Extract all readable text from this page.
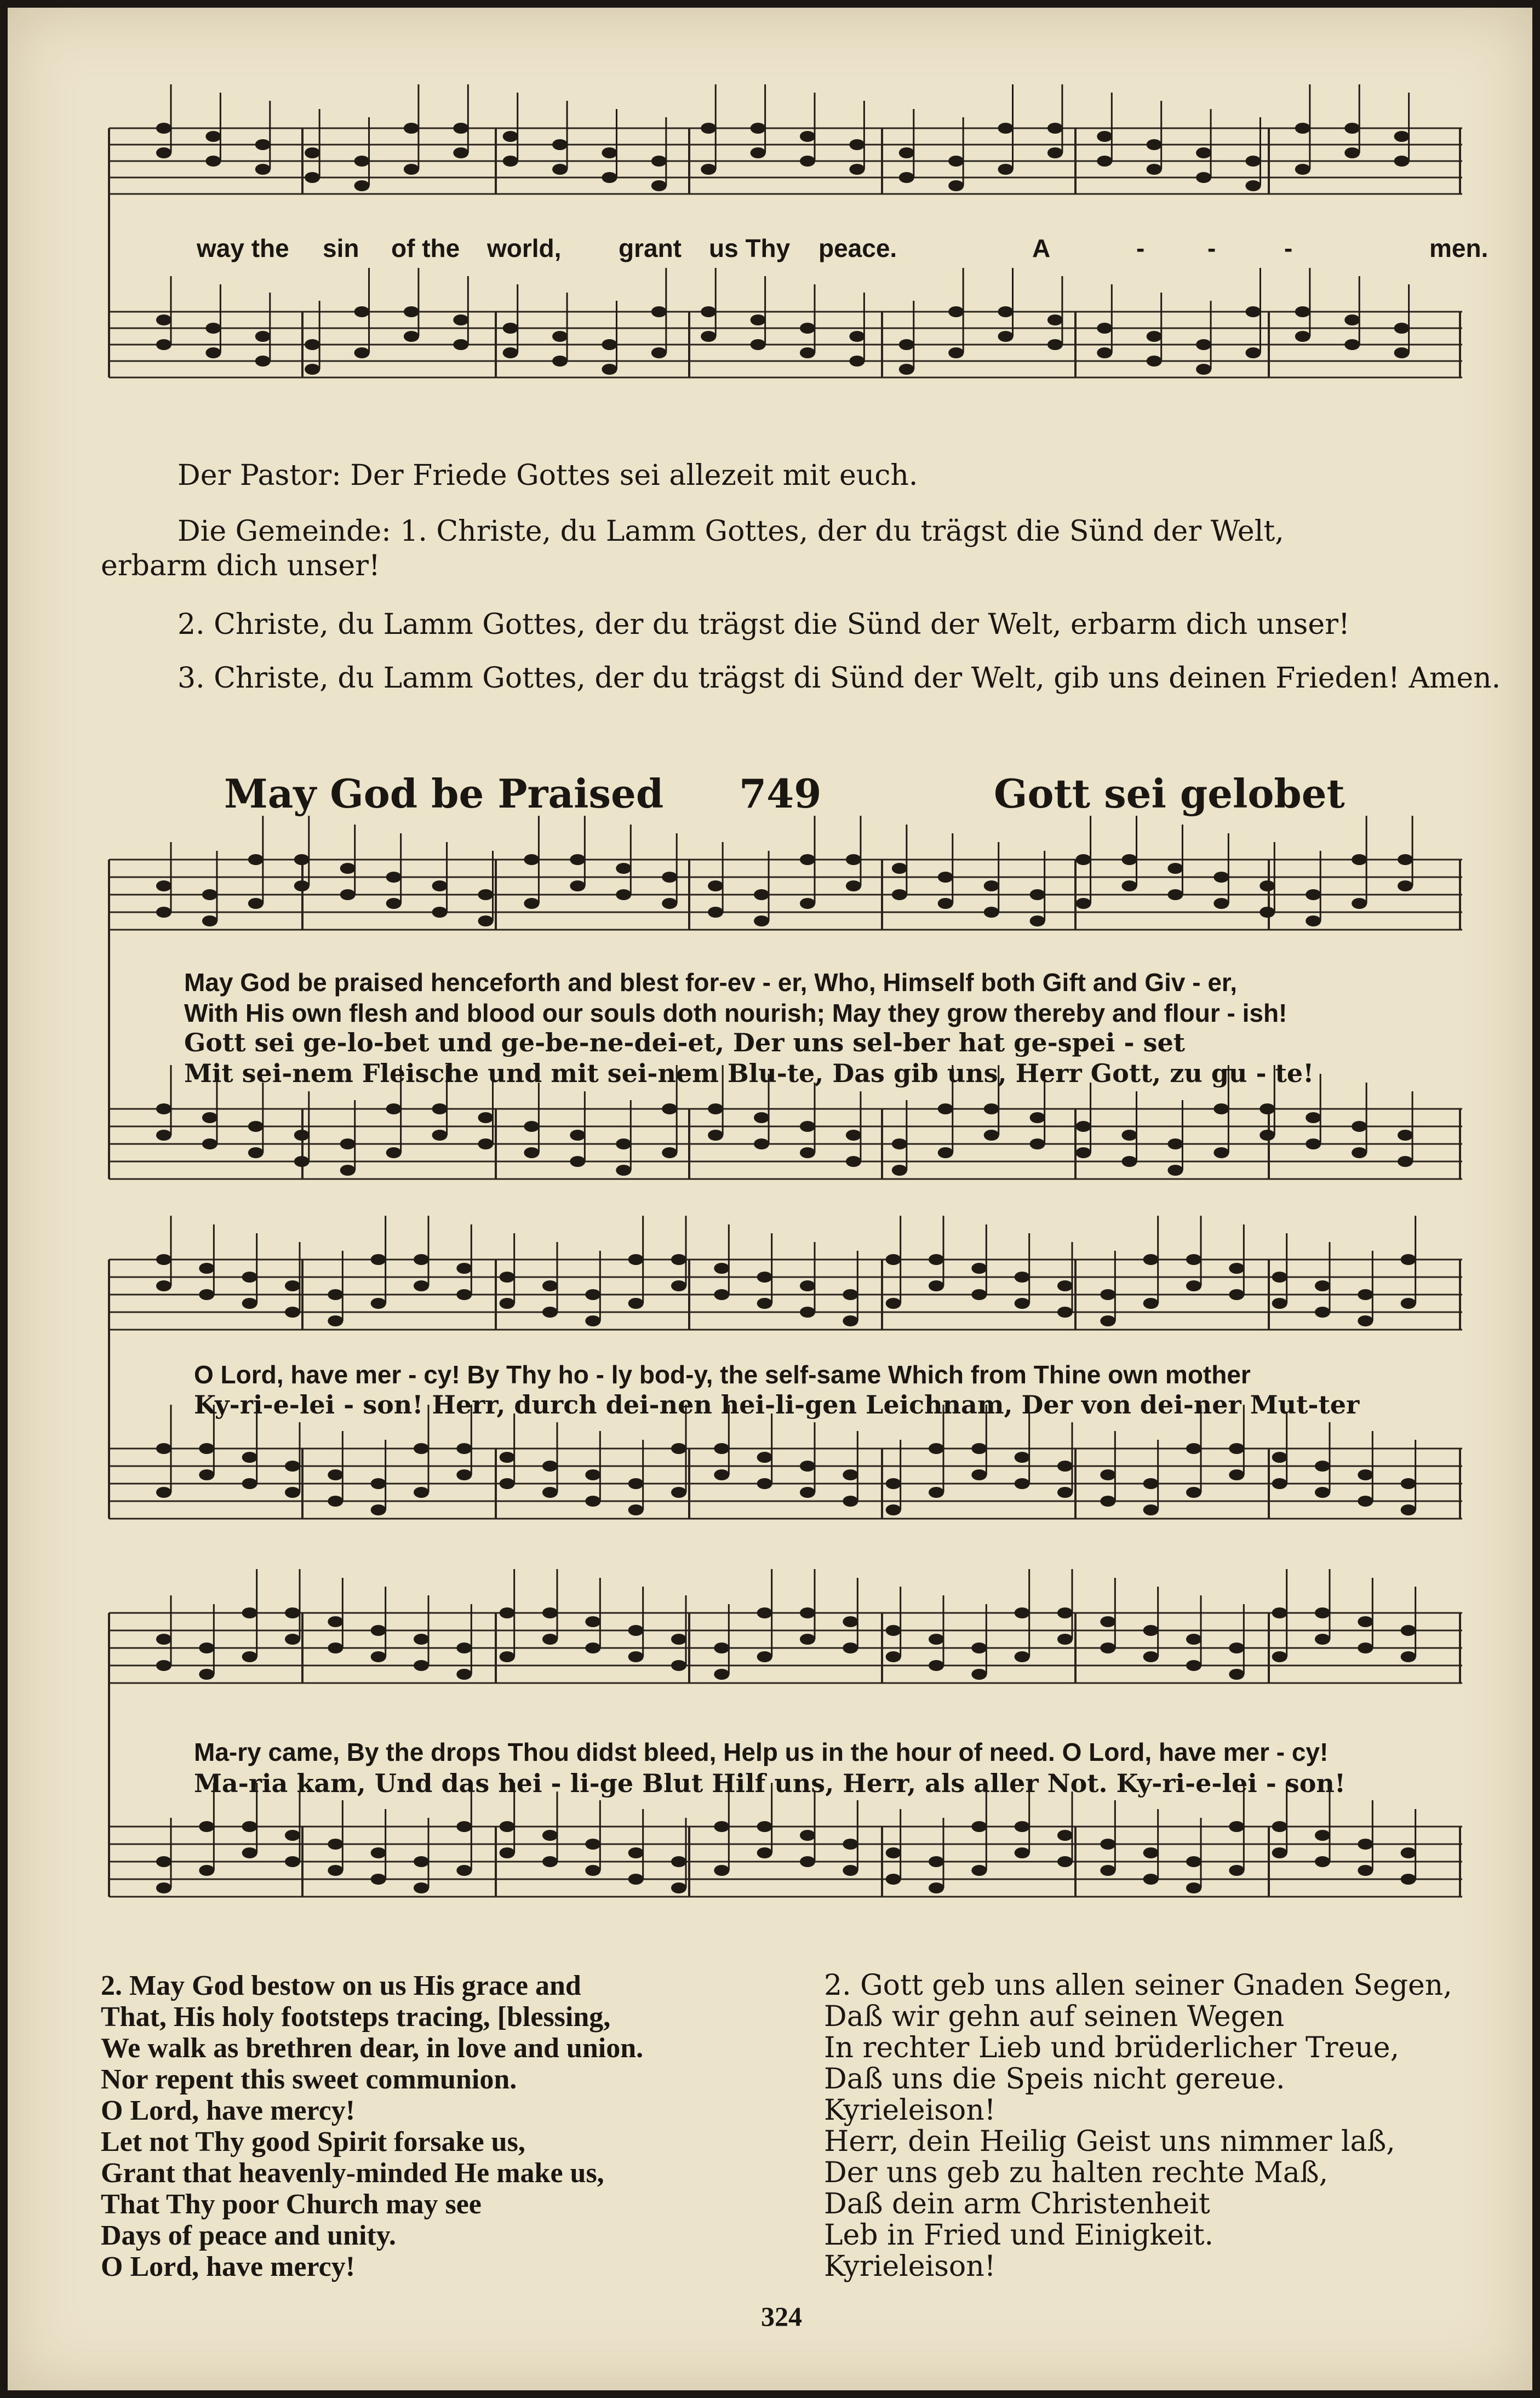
way the sin of the world, grant us Thy peace.	A	- -	-	men.
Der Pastor: Der Friede Gottes sei allezeit mit euch.
Die Gemeinde: 1. Christe, du Lamm Gottes, der du trägst die Sünd der Welt,
erbarm dich unser!
2. Christe, du Lamm Gottes, der du trägst die Sünd der Welt, erbarm dich unser!
3. Christe, du Lamm Gottes, der du trägst di Sünd der Welt, gib uns deinen Frieden! Amen.
May God be Praised 749	Gott sei gelobet
May God be praised henceforth and blest for-ev - er, Who, Himself both Gift and Giv - er,
With His own flesh and blood our souls doth nourish; May they grow thereby and flour - ish!
Gott sei ge-lo-bet und ge-be-ne-dei-et, Der uns sel-ber hat ge-spei - set
Mit sei-nem Fleische und mit sei-nem Blu-te, Das gib uns, Herr Gott, zu gu - te!
O Lord, have mer - cy! By Thy ho - ly bod-y, the self-same Which from Thine own mother
Ky-ri-e-lei - son! Herr, durch dei-nen hei-li-gen Leichnam, Der von dei-ner Mut-ter
Ma-ry came, By the drops Thou didst bleed, Help us in the hour of need. O Lord, have mer - cy!
Ma-ria kam, Und das hei - li-ge Blut Hilf uns, Herr, als aller Not. Ky-ri-e-lei - son!
2. May God bestow on us His grace and
That, His holy footsteps tracing, [blessing,
We walk as brethren dear, in love and union.
Nor repent this sweet communion.
O Lord, have mercy!
Let not Thy good Spirit forsake us,
Grant that heavenly-minded He make us,
That Thy poor Church may see
Days of peace and unity.
O Lord, have mercy!
2. Gott geb uns allen seiner Gnaden Segen,
Daß wir gehn auf seinen Wegen
In rechter Lieb und brüderlicher Treue,
Daß uns die Speis nicht gereue.
Kyrieleison!
Herr, dein Heilig Geist uns nimmer laß,
Der uns geb zu halten rechte Maß,
Daß dein arm Christenheit
Leb in Fried und Einigkeit.
Kyrieleison!
324
